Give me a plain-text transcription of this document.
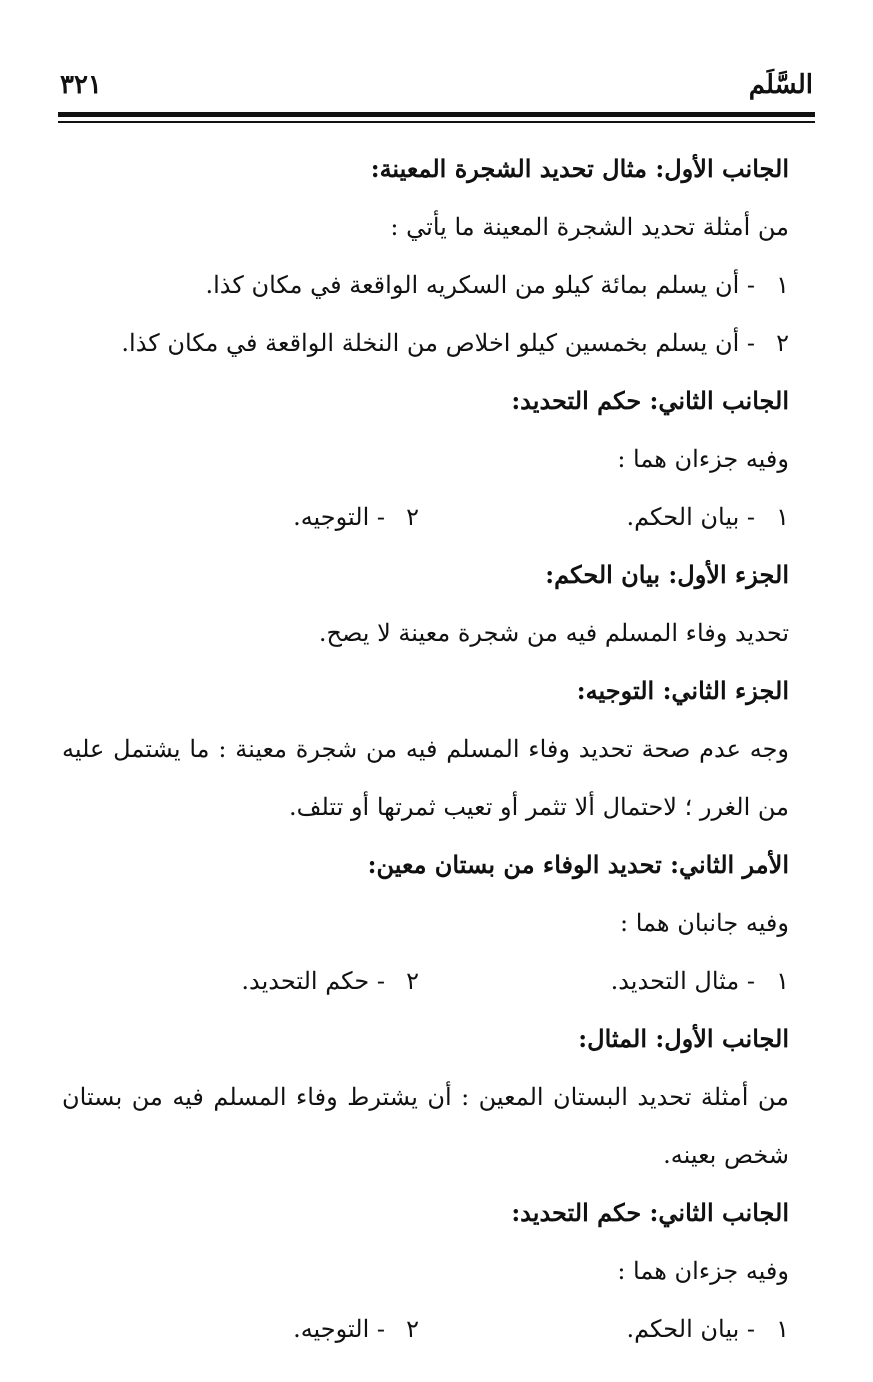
السَّلَم
٣٢١
الجانب الأول: مثال تحديد الشجرة المعينة:
من أمثلة تحديد الشجرة المعينة ما يأتي :
١- أن يسلم بمائة كيلو من السكريه الواقعة في مكان كذا.
٢- أن يسلم بخمسين كيلو اخلاص من النخلة الواقعة في مكان كذا.
الجانب الثاني: حكم التحديد:
وفيه جزءان هما :
١- بيان الحكم.
٢- التوجيه.
الجزء الأول: بيان الحكم:
تحديد وفاء المسلم فيه من شجرة معينة لا يصح.
الجزء الثاني: التوجيه:
وجه عدم صحة تحديد وفاء المسلم فيه من شجرة معينة : ما يشتمل عليه من الغرر ؛ لاحتمال ألا تثمر أو تعيب ثمرتها أو تتلف.
الأمر الثاني: تحديد الوفاء من بستان معين:
وفيه جانبان هما :
١- مثال التحديد.
٢- حكم التحديد.
الجانب الأول: المثال:
من أمثلة تحديد البستان المعين : أن يشترط وفاء المسلم فيه من بستان شخص بعينه.
الجانب الثاني: حكم التحديد:
وفيه جزءان هما :
١- بيان الحكم.
٢- التوجيه.
